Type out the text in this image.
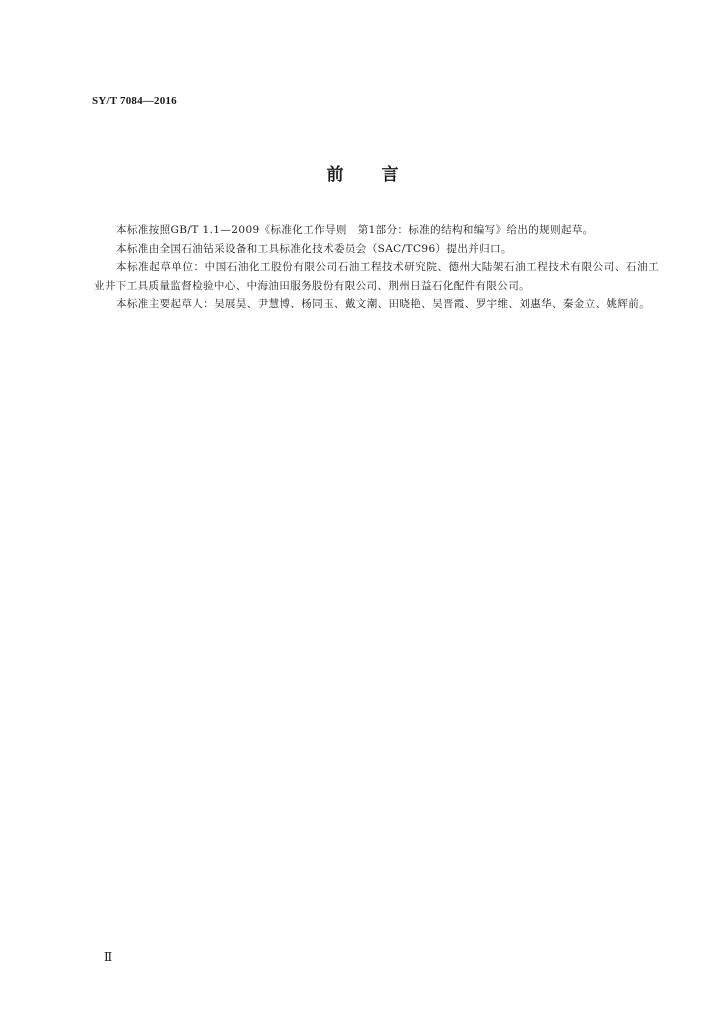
SY/T 7084—2016
前 言

本标准按照GB/T 1.1—2009《标准化工作导则　第1部分：标准的结构和编写》给出的规则起草。

本标准由全国石油钻采设备和工具标准化技术委员会（SAC/TC96）提出并归口。

本标准起草单位：中国石油化工股份有限公司石油工程技术研究院、德州大陆架石油工程技术有限公司、石油工业井下工具质量监督检验中心、中海油田服务股份有限公司、荆州日益石化配件有限公司。

本标准主要起草人：吴展昊、尹慧博、杨同玉、戴文潮、田晓艳、吴晋霞、罗宇维、刘惠华、秦金立、姚辉前。

Ⅱ
